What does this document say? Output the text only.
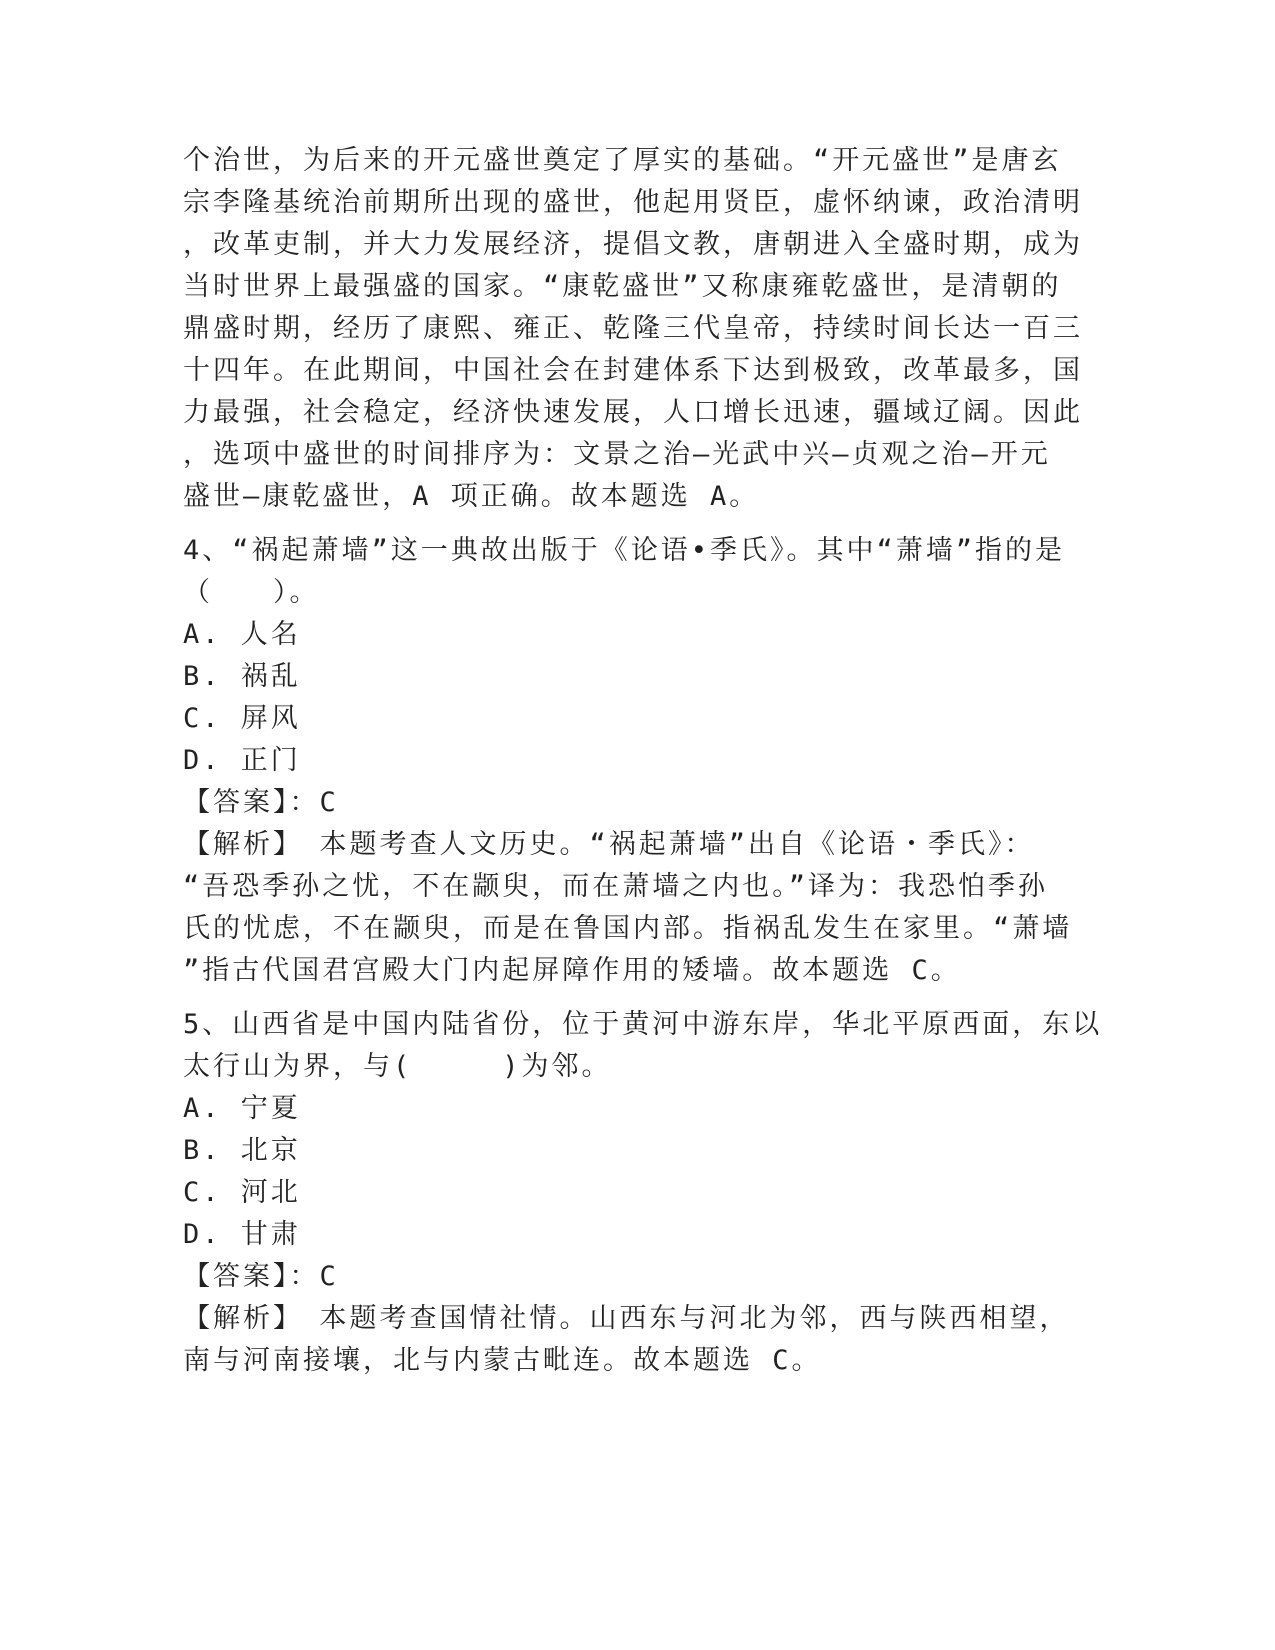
个治世，为后来的开元盛世奠定了厚实的基础。“开元盛世”是唐玄
宗李隆基统治前期所出现的盛世，他起用贤臣，虚怀纳谏，政治清明
，改革吏制，并大力发展经济，提倡文教，唐朝进入全盛时期，成为
当时世界上最强盛的国家。“康乾盛世”又称康雍乾盛世，是清朝的
鼎盛时期，经历了康熙、雍正、乾隆三代皇帝，持续时间长达一百三
十四年。在此期间，中国社会在封建体系下达到极致，改革最多，国
力最强，社会稳定，经济快速发展，人口增长迅速，疆域辽阔。因此
，选项中盛世的时间排序为：文景之治—光武中兴—贞观之治—开元
盛世—康乾盛世，A 项正确。故本题选 A。
4、“祸起萧墙”这一典故出版于《论语•季氏》。其中“萧墙”指的是
（　　）。
A. 人名
B. 祸乱
C. 屏风
D. 正门
【答案】：C
【解析】　本题考查人文历史。“祸起萧墙”出自《论语・季氏》：
“吾恐季孙之忧，不在颛臾，而在萧墙之内也。”译为：我恐怕季孙
氏的忧虑，不在颛臾，而是在鲁国内部。指祸乱发生在家里。“萧墙
”指古代国君宫殿大门内起屏障作用的矮墙。故本题选 C。
5、山西省是中国内陆省份，位于黄河中游东岸，华北平原西面，东以
太行山为界，与(　　　)为邻。
A. 宁夏
B. 北京
C. 河北
D. 甘肃
【答案】：C
【解析】　本题考查国情社情。山西东与河北为邻，西与陕西相望，
南与河南接壤，北与内蒙古毗连。故本题选 C。
